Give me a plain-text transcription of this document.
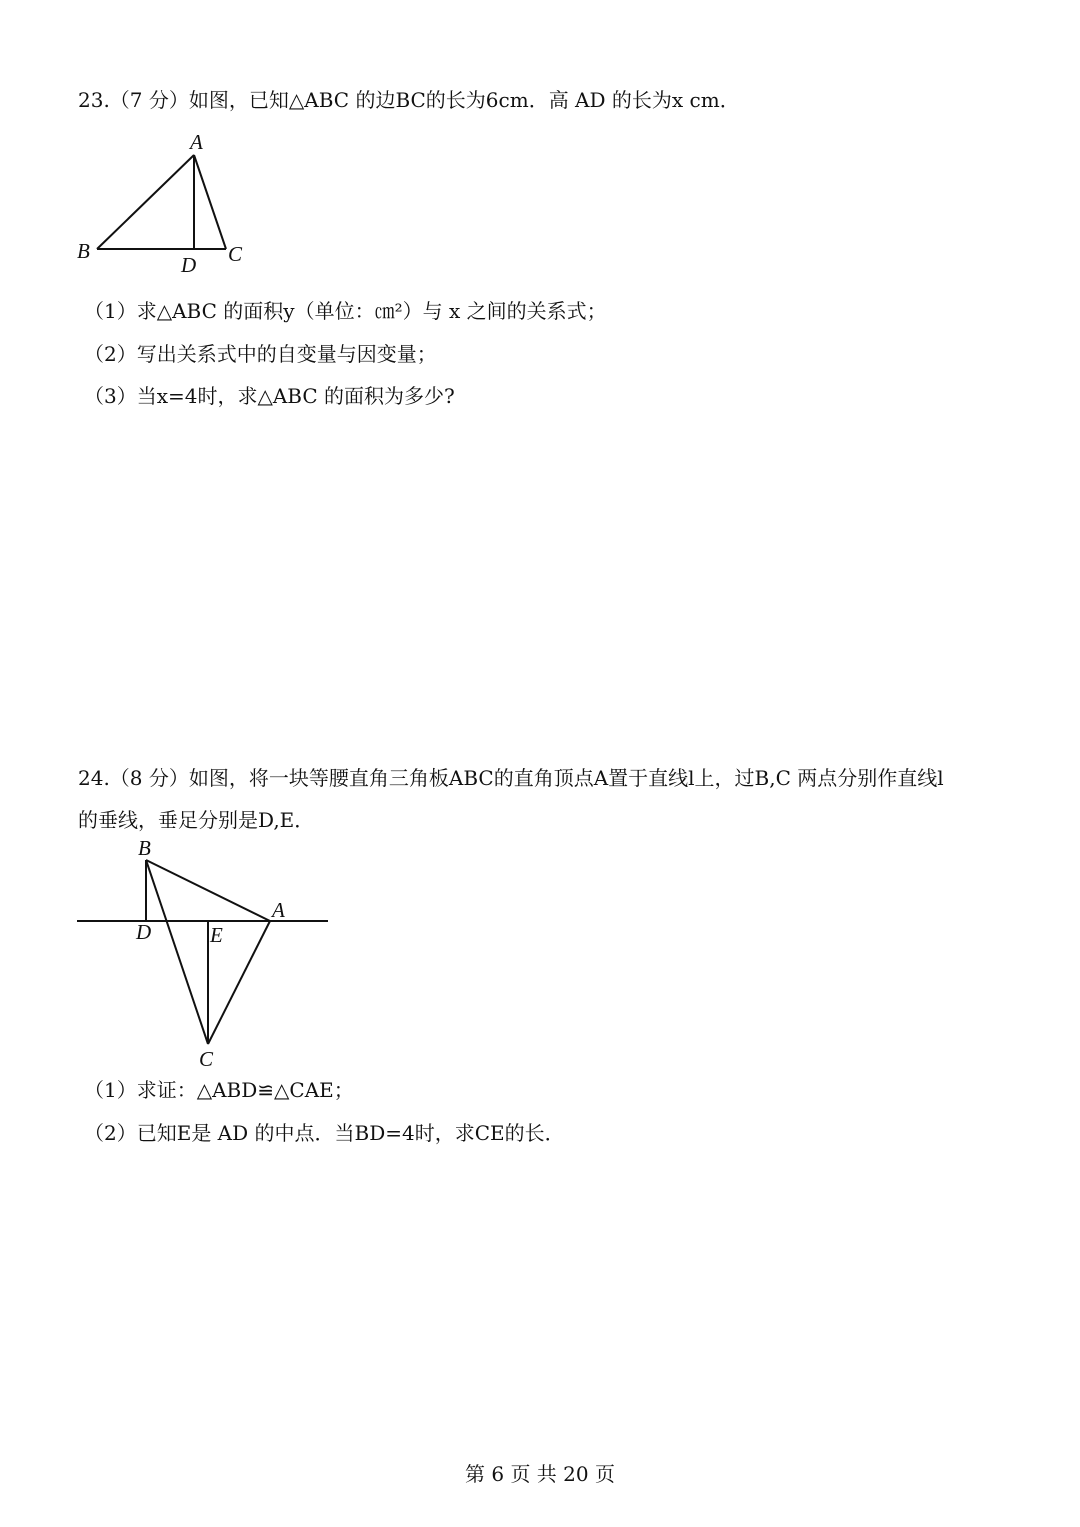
23.（7 分）如图，已知△ABC 的边BC的长为6cm．高 AD 的长为x cm．
A
B	C
D
（1）求△ABC 的面积y（单位：㎝²）与 x 之间的关系式；
（2）写出关系式中的自变量与因变量；
（3）当x=4时，求△ABC 的面积为多少?
24.（8 分）如图，将一块等腰直角三角板ABC的直角顶点A置于直线l上，过B,C 两点分别作直线l
的垂线，垂足分别是D,E．
B
A
D	E
C
（1）求证：△ABD≌△CAE；
（2）已知E是 AD 的中点．当BD=4时，求CE的长．
第 6 页 共 20 页
